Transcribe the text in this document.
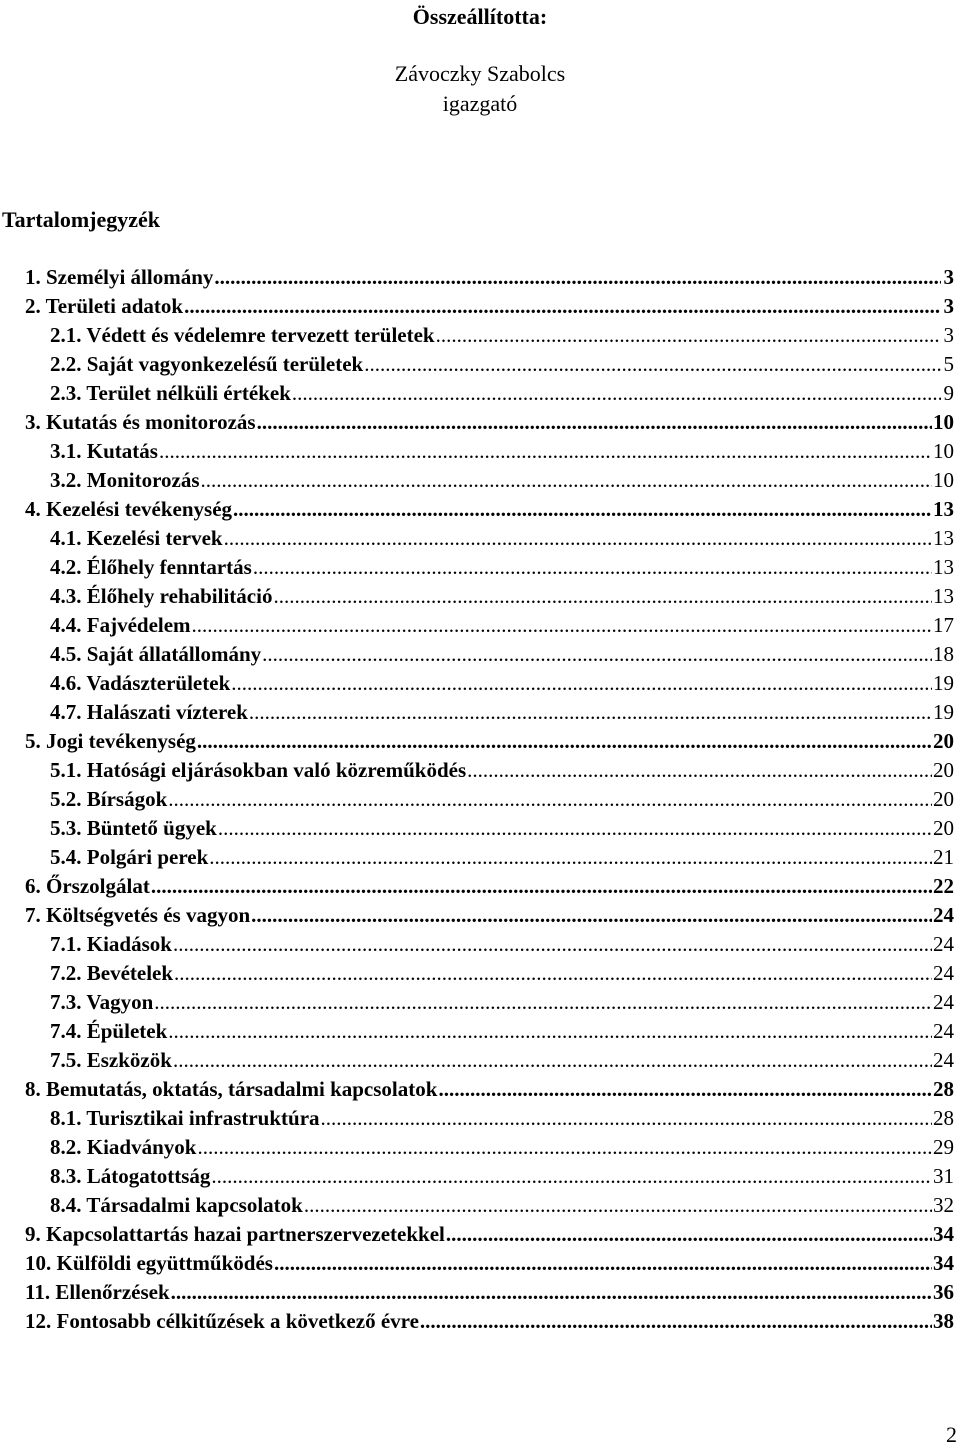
Összeállította:
Závoczky Szabolcs
igazgató
Tartalomjegyzék
1. Személyi állomány .....	3
2. Területi adatok .....	3
2.1. Védett és védelemre tervezett területek .....	3
2.2. Saját vagyonkezelésű területek .....	5
2.3. Terület nélküli értékek .....	9
3. Kutatás és monitorozás .....	10
3.1. Kutatás .....	10
3.2. Monitorozás .....	10
4. Kezelési tevékenység .....	13
4.1. Kezelési tervek .....	13
4.2. Élőhely fenntartás .....	13
4.3. Élőhely rehabilitáció .....	13
4.4. Fajvédelem .....	17
4.5. Saját állatállomány .....	18
4.6. Vadászterületek .....	19
4.7. Halászati vízterek .....	19
5. Jogi tevékenység .....	20
5.1. Hatósági eljárásokban való közreműködés .....	20
5.2. Bírságok .....	20
5.3. Büntető ügyek .....	20
5.4. Polgári perek .....	21
6. Őrszolgálat .....	22
7. Költségvetés és vagyon .....	24
7.1. Kiadások .....	24
7.2. Bevételek .....	24
7.3. Vagyon .....	24
7.4. Épületek .....	24
7.5. Eszközök .....	24
8. Bemutatás, oktatás, társadalmi kapcsolatok .....	28
8.1. Turisztikai infrastruktúra .....	28
8.2. Kiadványok .....	29
8.3. Látogatottság .....	31
8.4. Társadalmi kapcsolatok .....	32
9. Kapcsolattartás hazai partnerszervezetekkel .....	34
10. Külföldi együttműködés .....	34
11. Ellenőrzések .....	36
12. Fontosabb célkitűzések a következő évre .....	38
2
